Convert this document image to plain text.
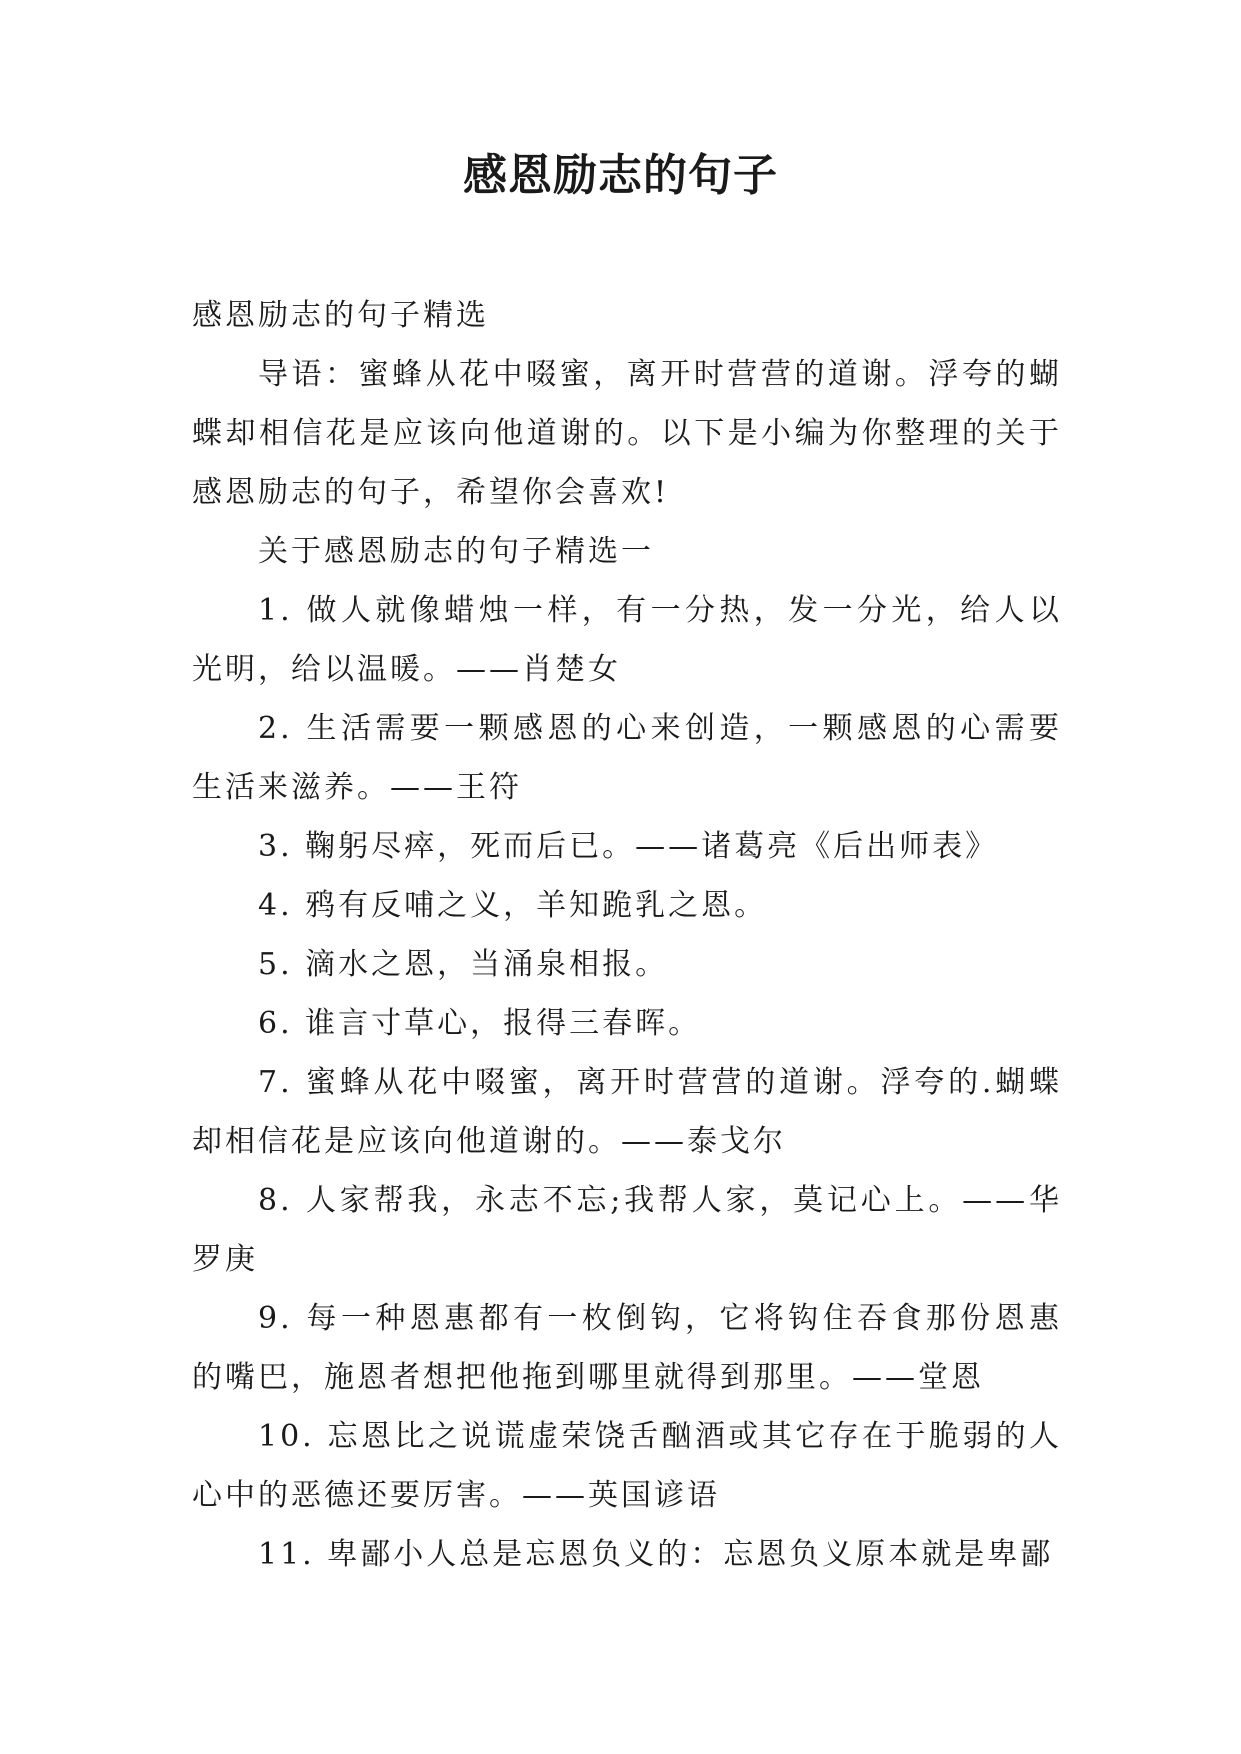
感恩励志的句子

感恩励志的句子精选

导语：蜜蜂从花中啜蜜，离开时营营的道谢。浮夸的蝴蝶却相信花是应该向他道谢的。以下是小编为你整理的关于感恩励志的句子，希望你会喜欢!

关于感恩励志的句子精选一

1. 做人就像蜡烛一样，有一分热，发一分光，给人以光明，给以温暖。——肖楚女

2. 生活需要一颗感恩的心来创造，一颗感恩的心需要生活来滋养。——王符

3. 鞠躬尽瘁，死而后已。——诸葛亮《后出师表》

4. 鸦有反哺之义，羊知跪乳之恩。

5. 滴水之恩，当涌泉相报。

6. 谁言寸草心，报得三春晖。

7. 蜜蜂从花中啜蜜，离开时营营的道谢。浮夸的.蝴蝶却相信花是应该向他道谢的。——泰戈尔

8. 人家帮我，永志不忘;我帮人家，莫记心上。——华罗庚

9. 每一种恩惠都有一枚倒钩，它将钩住吞食那份恩惠的嘴巴，施恩者想把他拖到哪里就得到那里。——堂恩

10. 忘恩比之说谎虚荣饶舌酗酒或其它存在于脆弱的人心中的恶德还要厉害。——英国谚语

11. 卑鄙小人总是忘恩负义的：忘恩负义原本就是卑鄙
